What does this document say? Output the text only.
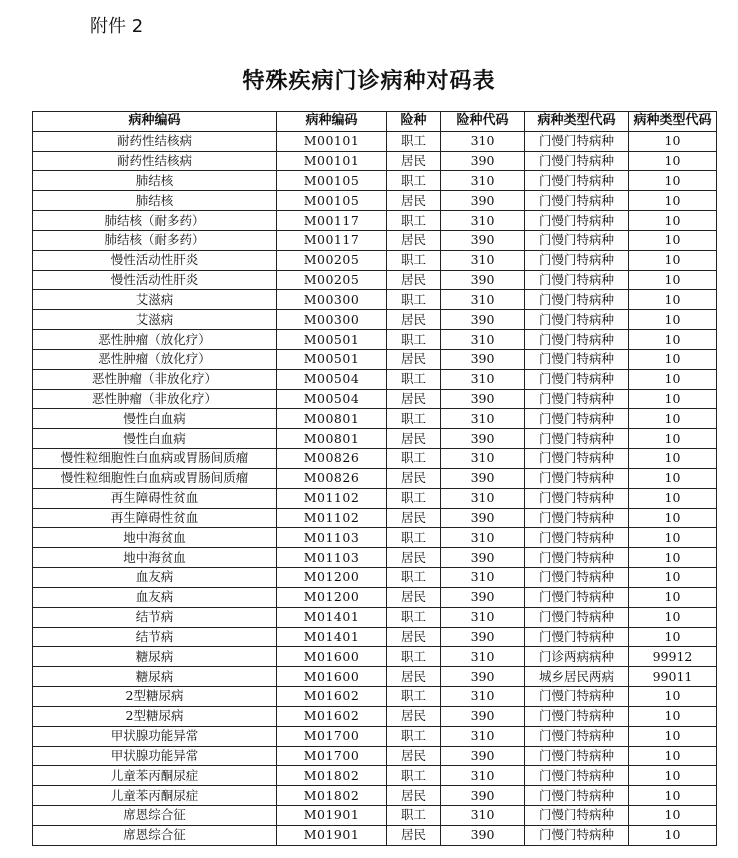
附件 2
特殊疾病门诊病种对码表
病种编码	病种编码	险种	险种代码	病种类型代码	病种类型代码
耐药性结核病	M00101	职工	310	门慢门特病种	10
耐药性结核病	M00101	居民	390	门慢门特病种	10
肺结核	M00105	职工	310	门慢门特病种	10
肺结核	M00105	居民	390	门慢门特病种	10
肺结核（耐多药）	M00117	职工	310	门慢门特病种	10
肺结核（耐多药）	M00117	居民	390	门慢门特病种	10
慢性活动性肝炎	M00205	职工	310	门慢门特病种	10
慢性活动性肝炎	M00205	居民	390	门慢门特病种	10
艾滋病	M00300	职工	310	门慢门特病种	10
艾滋病	M00300	居民	390	门慢门特病种	10
恶性肿瘤（放化疗）	M00501	职工	310	门慢门特病种	10
恶性肿瘤（放化疗）	M00501	居民	390	门慢门特病种	10
恶性肿瘤（非放化疗）	M00504	职工	310	门慢门特病种	10
恶性肿瘤（非放化疗）	M00504	居民	390	门慢门特病种	10
慢性白血病	M00801	职工	310	门慢门特病种	10
慢性白血病	M00801	居民	390	门慢门特病种	10
慢性粒细胞性白血病或胃肠间质瘤	M00826	职工	310	门慢门特病种	10
慢性粒细胞性白血病或胃肠间质瘤	M00826	居民	390	门慢门特病种	10
再生障碍性贫血	M01102	职工	310	门慢门特病种	10
再生障碍性贫血	M01102	居民	390	门慢门特病种	10
地中海贫血	M01103	职工	310	门慢门特病种	10
地中海贫血	M01103	居民	390	门慢门特病种	10
血友病	M01200	职工	310	门慢门特病种	10
血友病	M01200	居民	390	门慢门特病种	10
结节病	M01401	职工	310	门慢门特病种	10
结节病	M01401	居民	390	门慢门特病种	10
糖尿病	M01600	职工	310	门诊两病病种	99912
糖尿病	M01600	居民	390	城乡居民两病	99011
2型糖尿病	M01602	职工	310	门慢门特病种	10
2型糖尿病	M01602	居民	390	门慢门特病种	10
甲状腺功能异常	M01700	职工	310	门慢门特病种	10
甲状腺功能异常	M01700	居民	390	门慢门特病种	10
儿童苯丙酮尿症	M01802	职工	310	门慢门特病种	10
儿童苯丙酮尿症	M01802	居民	390	门慢门特病种	10
席恩综合征	M01901	职工	310	门慢门特病种	10
席恩综合征	M01901	居民	390	门慢门特病种	10
